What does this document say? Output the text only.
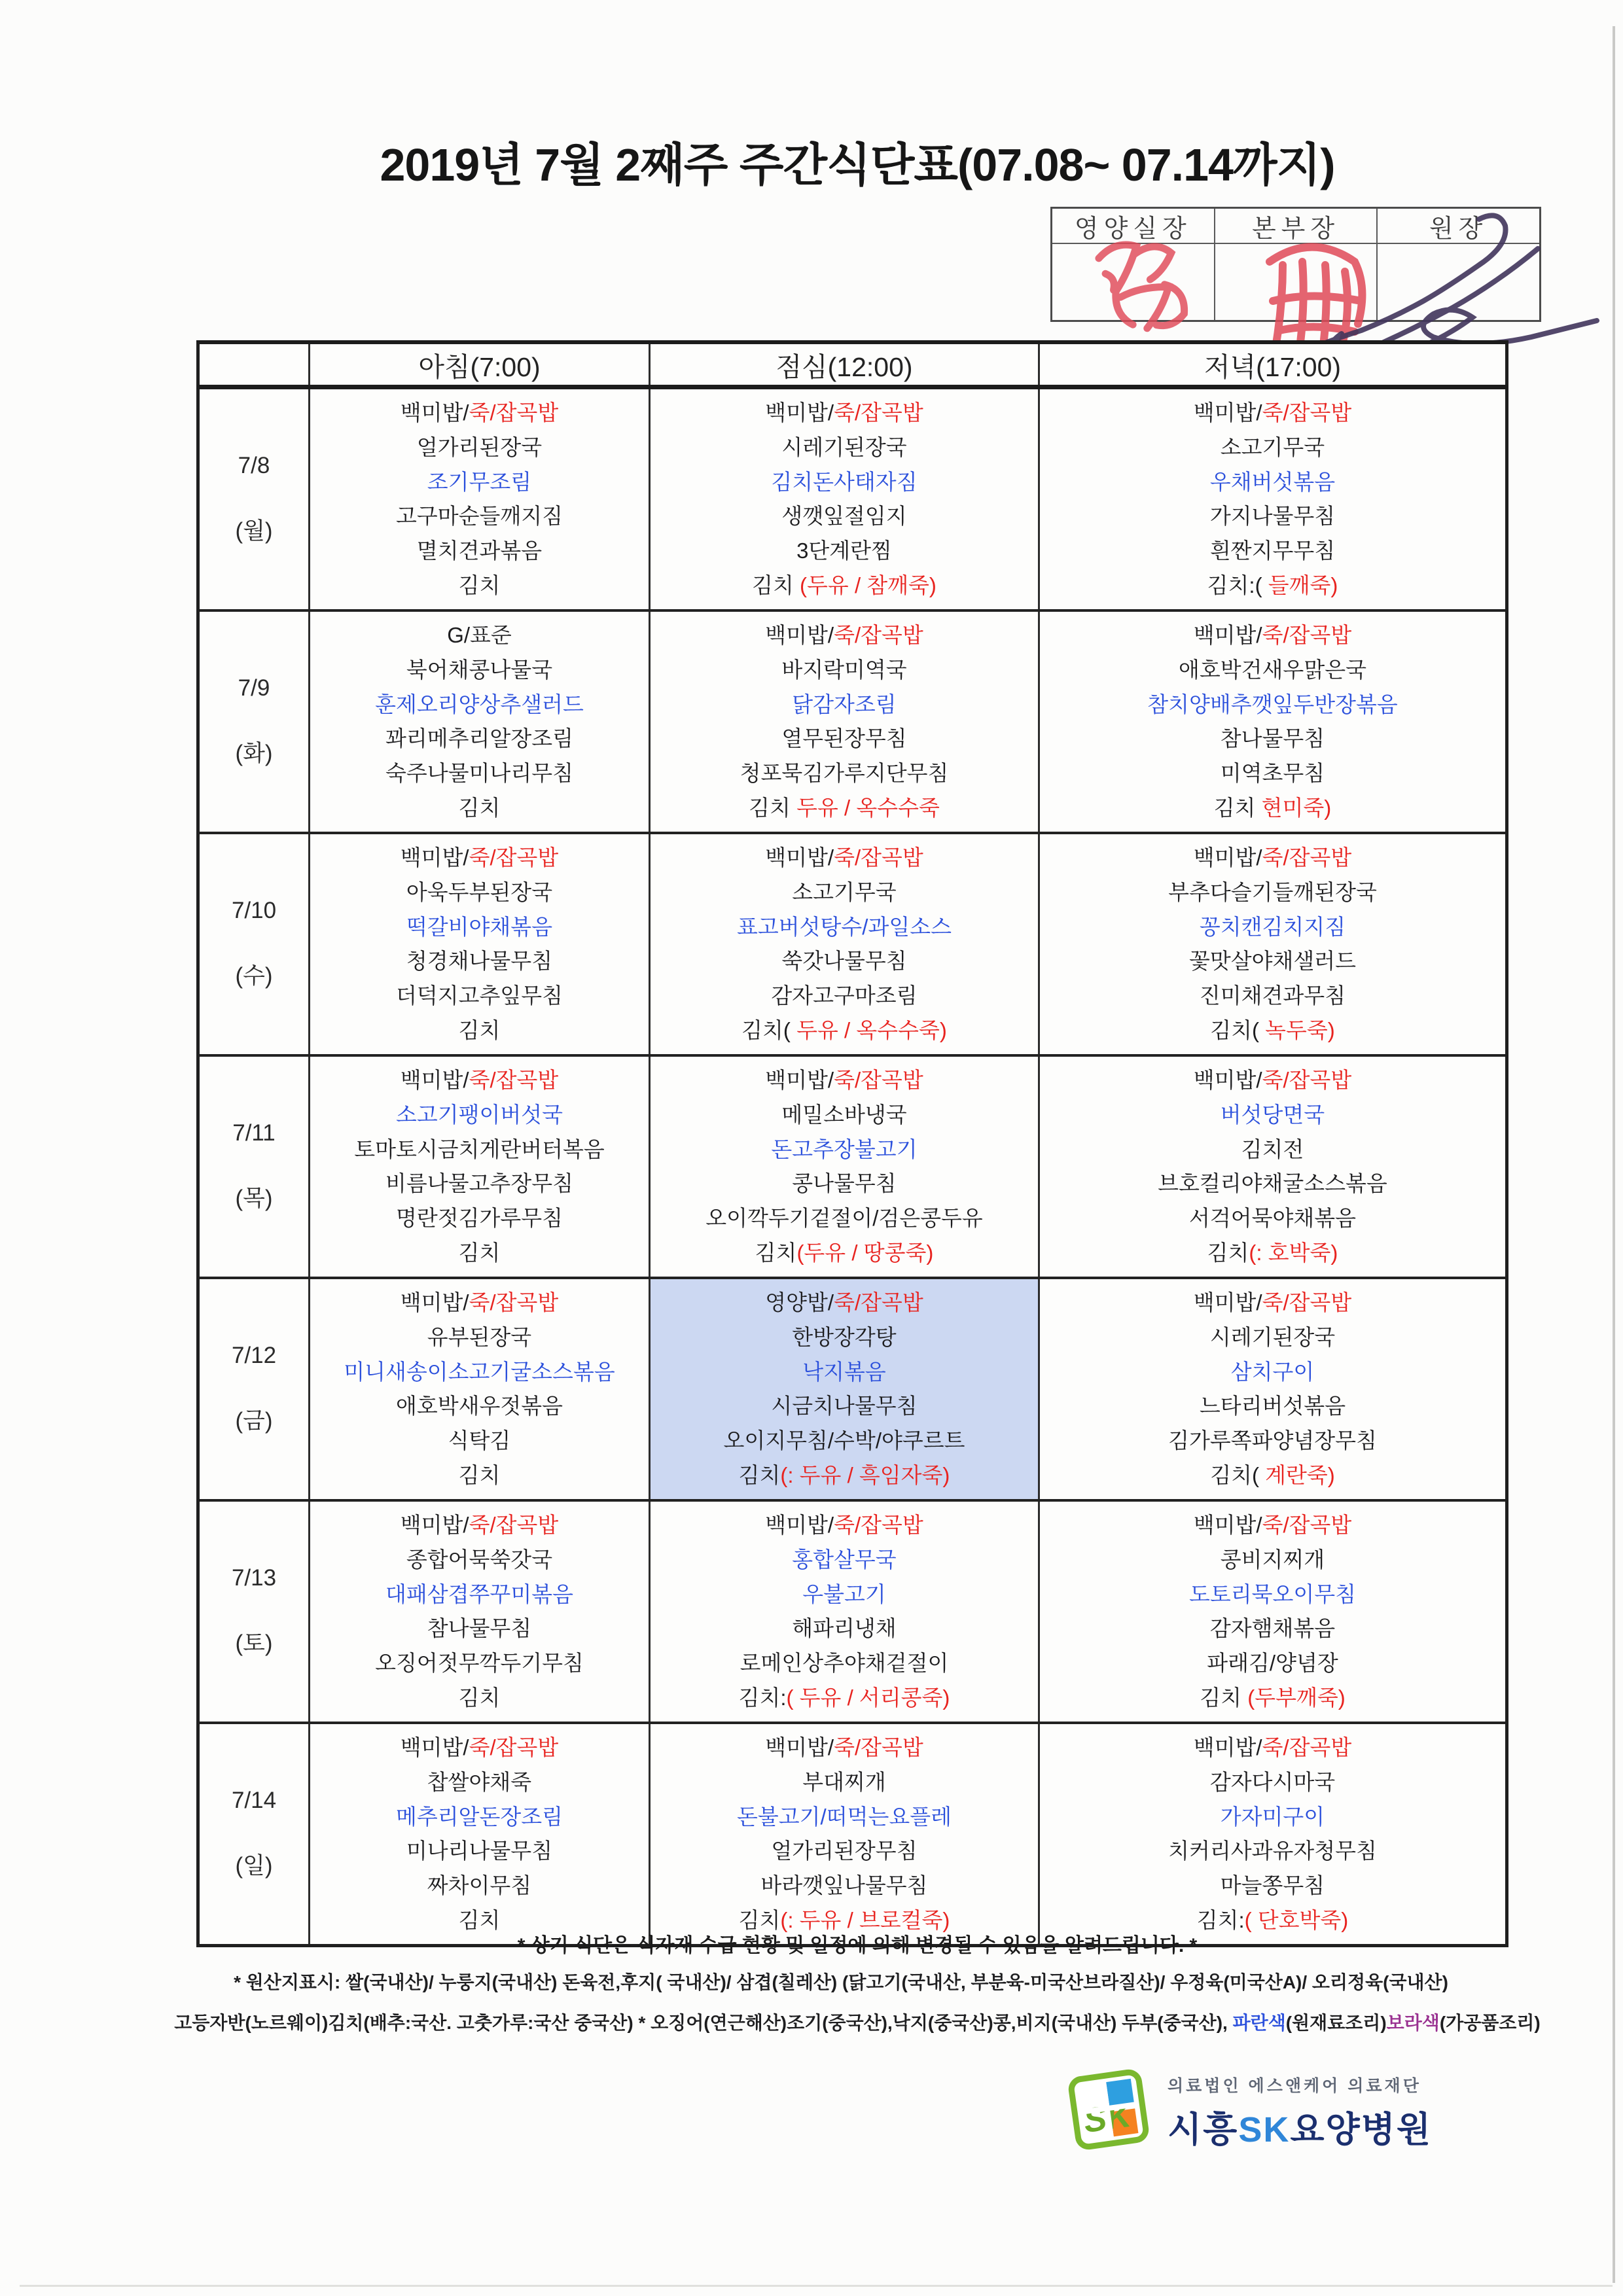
2019년 7월 2째주 주간식단표(07.08~ 07.14까지)
영양실장	본부장	원장
	아침(7:00)	점심(12:00)	저녁(17:00)

7/8
(월)

백미밥/죽/잡곡밥
얼가리된장국
조기무조림
고구마순들깨지짐
멸치견과볶음
김치

백미밥/죽/잡곡밥
시레기된장국
김치돈사태자짐
생깻잎절임지
3단계란찜
김치 (두유 / 참깨죽)

백미밥/죽/잡곡밥
소고기무국
우채버섯볶음
가지나물무침
흰짠지무무침
김치:( 들깨죽)

7/9
(화)

G/표준
북어채콩나물국
훈제오리양상추샐러드
꽈리메추리알장조림
숙주나물미나리무침
김치

백미밥/죽/잡곡밥
바지락미역국
닭감자조림
열무된장무침
청포묵김가루지단무침
김치 두유 / 옥수수죽

백미밥/죽/잡곡밥
애호박건새우맑은국
참치양배추깻잎두반장볶음
참나물무침
미역초무침
김치 현미죽)

7/10
(수)

백미밥/죽/잡곡밥
아욱두부된장국
떡갈비야채볶음
청경채나물무침
더덕지고추잎무침
김치

백미밥/죽/잡곡밥
소고기무국
표고버섯탕수/과일소스
쑥갓나물무침
감자고구마조림
김치( 두유 / 옥수수죽)

백미밥/죽/잡곡밥
부추다슬기들깨된장국
꽁치캔김치지짐
꽃맛살야채샐러드
진미채견과무침
김치( 녹두죽)

7/11
(목)

백미밥/죽/잡곡밥
소고기팽이버섯국
토마토시금치게란버터복음
비름나물고추장무침
명란젓김가루무침
김치

백미밥/죽/잡곡밥
메밀소바냉국
돈고추장불고기
콩나물무침
오이깍두기겉절이/검은콩두유
김치(두유 / 땅콩죽)

백미밥/죽/잡곡밥
버섯당면국
김치전
브호컬리야채굴소스볶음
서걱어묵야채볶음
김치(: 호박죽)

7/12
(금)

백미밥/죽/잡곡밥
유부된장국
미니새송이소고기굴소스볶음
애호박새우젓볶음
식탁김
김치

영양밥/죽/잡곡밥
한방장각탕
낙지볶음
시금치나물무침
오이지무침/수박/야쿠르트
김치(: 두유 / 흑임자죽)

백미밥/죽/잡곡밥
시레기된장국
삼치구이
느타리버섯볶음
김가루쪽파양념장무침
김치( 계란죽)

7/13
(토)

백미밥/죽/잡곡밥
종합어묵쑥갓국
대패삼겹쭈꾸미볶음
참나물무침
오징어젓무깍두기무침
김치

백미밥/죽/잡곡밥
홍합살무국
우불고기
해파리냉채
로메인상추야채겉절이
김치:( 두유 / 서리콩죽)

백미밥/죽/잡곡밥
콩비지찌개
도토리묵오이무침
감자햄채볶음
파래김/양념장
김치 (두부깨죽)

7/14
(일)

백미밥/죽/잡곡밥
찹쌀야채죽
메추리알돈장조림
미나리나물무침
짜차이무침
김치

백미밥/죽/잡곡밥
부대찌개
돈불고기/떠먹는요플레
얼가리된장무침
바라깻잎나물무침
김치(: 두유 / 브로컬죽)

백미밥/죽/잡곡밥
감자다시마국
가자미구이
치커리사과유자청무침
마늘쫑무침
김치:( 단호박죽)

* 상기 식단은 식자재 수급 현황 및 일정에 의해 변경될 수 있음을 알려드립니다. *

* 원산지표시: 쌀(국내산)/ 누룽지(국내산) 돈육전,후지( 국내산)/ 삼겹(칠레산) (닭고기(국내산, 부분육-미국산브라질산)/ 우정육(미국산A)/ 오리정육(국내산)

고등자반(노르웨이)김치(배추:국산. 고춧가루:국산 중국산) * 오징어(연근해산)조기(중국산),낙지(중국산)콩,비지(국내산) 두부(중국산), 파란색(원재료조리)보라색(가공품조리)

의료법인 에스앤케어 의료재단
시흥SK요양병원
